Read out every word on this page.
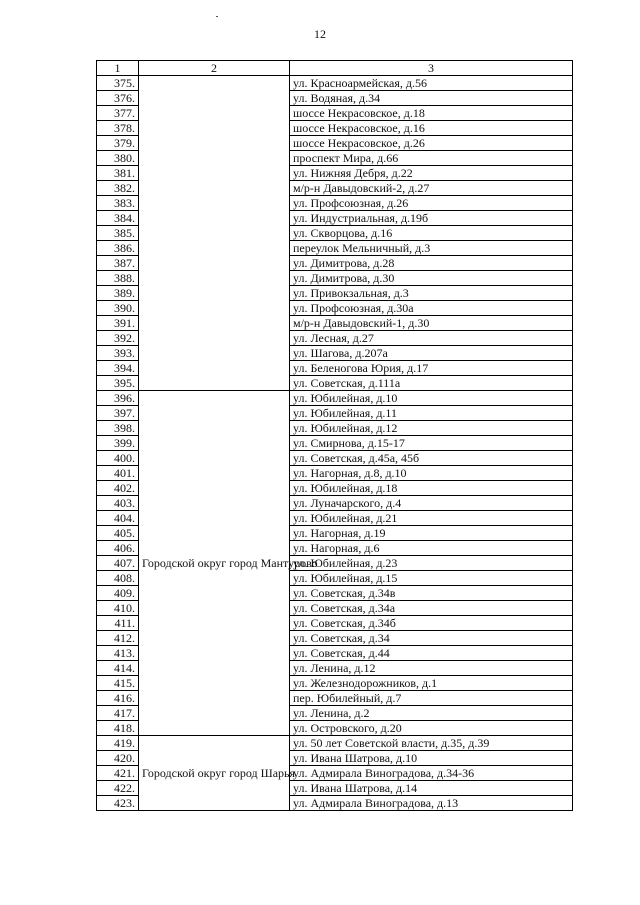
12
1	2	3
375.		ул. Красноармейская, д.56
376.		ул. Водяная, д.34
377.		шоссе Некрасовское, д.18
378.		шоссе Некрасовское, д.16
379.		шоссе Некрасовское, д.26
380.		проспект Мира, д.66
381.		ул. Нижняя Дебря, д.22
382.		м/р-н Давыдовский-2, д.27
383.		ул. Профсоюзная, д.26
384.		ул. Индустриальная, д.19б
385.		ул. Скворцова, д.16
386.		переулок Мельничный, д.3
387.		ул. Димитрова, д.28
388.		ул. Димитрова, д.30
389.		ул. Привокзальная, д.3
390.		ул. Профсоюзная, д.30а
391.		м/р-н Давыдовский-1, д.30
392.		ул. Лесная, д.27
393.		ул. Шагова, д.207а
394.		ул. Беленогова Юрия, д.17
395.		ул. Советская, д.111а
396.	Городской округ город Мантурово	ул. Юбилейная, д.10
397.		ул. Юбилейная, д.11
398.		ул. Юбилейная, д.12
399.		ул. Смирнова, д.15-17
400.		ул. Советская, д.45а, 45б
401.		ул. Нагорная, д.8, д.10
402.		ул. Юбилейная, д.18
403.		ул. Луначарского, д.4
404.		ул. Юбилейная, д.21
405.		ул. Нагорная, д.19
406.		ул. Нагорная, д.6
407.		ул. Юбилейная, д.23
408.		ул. Юбилейная, д.15
409.		ул. Советская, д.34в
410.		ул. Советская, д.34а
411.		ул. Советская, д.34б
412.		ул. Советская, д.34
413.		ул. Советская, д.44
414.		ул. Ленина, д.12
415.		ул. Железнодорожников, д.1
416.		пер. Юбилейный, д.7
417.		ул. Ленина, д.2
418.		ул. Островского, д.20
419.	Городской округ город Шарья	ул. 50 лет Советской власти, д.35, д.39
420.		ул. Ивана Шатрова, д.10
421.		ул. Адмирала Виноградова, д.34-36
422.		ул. Ивана Шатрова, д.14
423.		ул. Адмирала Виноградова, д.13
